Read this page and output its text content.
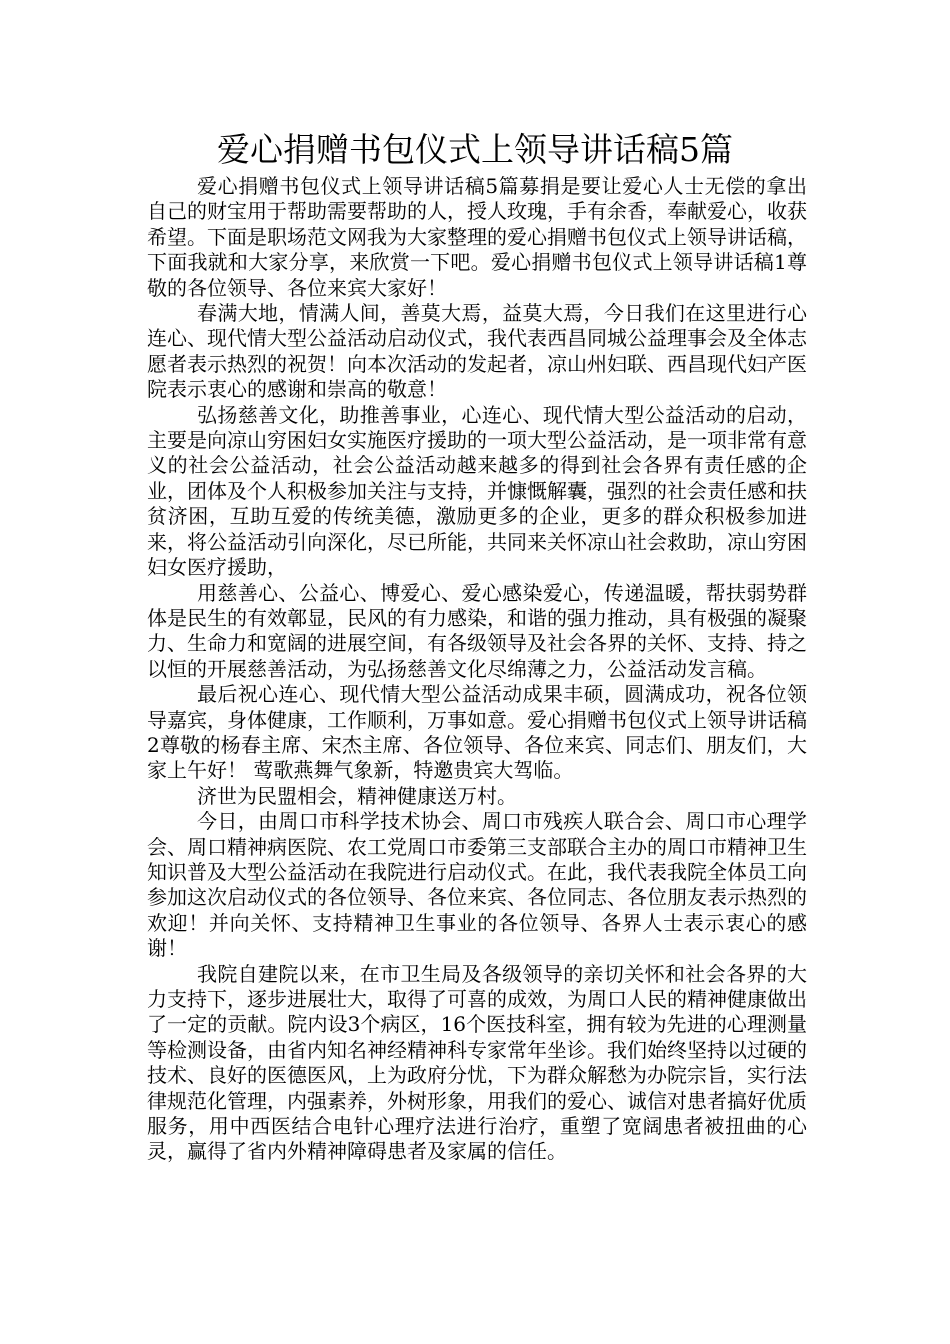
爱心捐赠书包仪式上领导讲话稿5篇

爱心捐赠书包仪式上领导讲话稿5篇募捐是要让爱心人士无偿的拿出自己的财宝用于帮助需要帮助的人，授人玫瑰，手有余香，奉献爱心，收获希望。下面是职场范文网我为大家整理的爱心捐赠书包仪式上领导讲话稿，下面我就和大家分享，来欣赏一下吧。爱心捐赠书包仪式上领导讲话稿1尊敬的各位领导、各位来宾大家好！

春满大地，情满人间，善莫大焉，益莫大焉，今日我们在这里进行心连心、现代情大型公益活动启动仪式，我代表西昌同城公益理事会及全体志愿者表示热烈的祝贺！向本次活动的发起者，凉山州妇联、西昌现代妇产医院表示衷心的感谢和崇高的敬意！

弘扬慈善文化，助推善事业，心连心、现代情大型公益活动的启动，主要是向凉山穷困妇女实施医疗援助的一项大型公益活动，是一项非常有意义的社会公益活动，社会公益活动越来越多的得到社会各界有责任感的企业，团体及个人积极参加关注与支持，并慷慨解囊，强烈的社会责任感和扶贫济困，互助互爱的传统美德，激励更多的企业，更多的群众积极参加进来，将公益活动引向深化，尽已所能，共同来关怀凉山社会救助，凉山穷困妇女医疗援助，

用慈善心、公益心、博爱心、爱心感染爱心，传递温暖，帮扶弱势群体是民生的有效鄣显，民风的有力感染，和谐的强力推动，具有极强的凝聚力、生命力和宽阔的进展空间，有各级领导及社会各界的关怀、支持、持之以恒的开展慈善活动，为弘扬慈善文化尽绵薄之力，公益活动发言稿。

最后祝心连心、现代情大型公益活动成果丰硕，圆满成功，祝各位领导嘉宾，身体健康，工作顺利，万事如意。爱心捐赠书包仪式上领导讲话稿2尊敬的杨春主席、宋杰主席、各位领导、各位来宾、同志们、朋友们，大家上午好！ 莺歌燕舞气象新，特邀贵宾大驾临。

济世为民盟相会，精神健康送万村。

今日，由周口市科学技术协会、周口市残疾人联合会、周口市心理学会、周口精神病医院、农工党周口市委第三支部联合主办的周口市精神卫生知识普及大型公益活动在我院进行启动仪式。在此，我代表我院全体员工向参加这次启动仪式的各位领导、各位来宾、各位同志、各位朋友表示热烈的欢迎！并向关怀、支持精神卫生事业的各位领导、各界人士表示衷心的感谢！

我院自建院以来，在市卫生局及各级领导的亲切关怀和社会各界的大力支持下，逐步进展壮大，取得了可喜的成效，为周口人民的精神健康做出了一定的贡献。院内设3个病区，16个医技科室，拥有较为先进的心理测量等检测设备，由省内知名神经精神科专家常年坐诊。我们始终坚持以过硬的技术、良好的医德医风，上为政府分忧，下为群众解愁为办院宗旨，实行法律规范化管理，内强素养，外树形象，用我们的爱心、诚信对患者搞好优质服务，用中西医结合电针心理疗法进行治疗，重塑了宽阔患者被扭曲的心灵，赢得了省内外精神障碍患者及家属的信任。
